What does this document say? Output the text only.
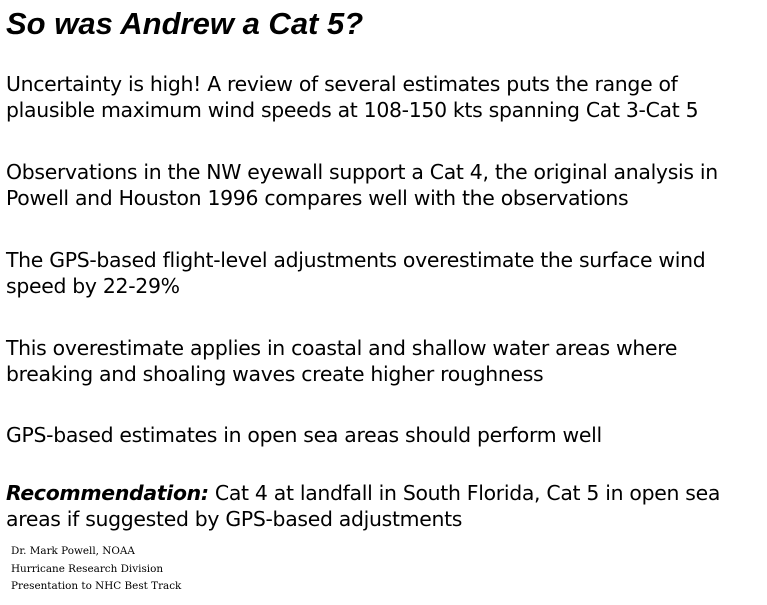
So was Andrew a Cat 5?

Uncertainty is high! A review of several estimates puts the range of
plausible maximum wind speeds at 108-150 kts spanning Cat 3-Cat 5

Observations in the NW eyewall support a Cat 4, the original analysis in
Powell and Houston 1996 compares well with the observations

The GPS-based flight-level adjustments overestimate the surface wind
speed by 22-29%

This overestimate applies in coastal and shallow water areas where
breaking and shoaling waves create higher roughness

GPS-based estimates in open sea areas should perform well

Recommendation: Cat 4 at landfall in South Florida, Cat 5 in open sea
areas if suggested by GPS-based adjustments

Dr. Mark Powell, NOAA
Hurricane Research Division
Presentation to NHC Best Track
